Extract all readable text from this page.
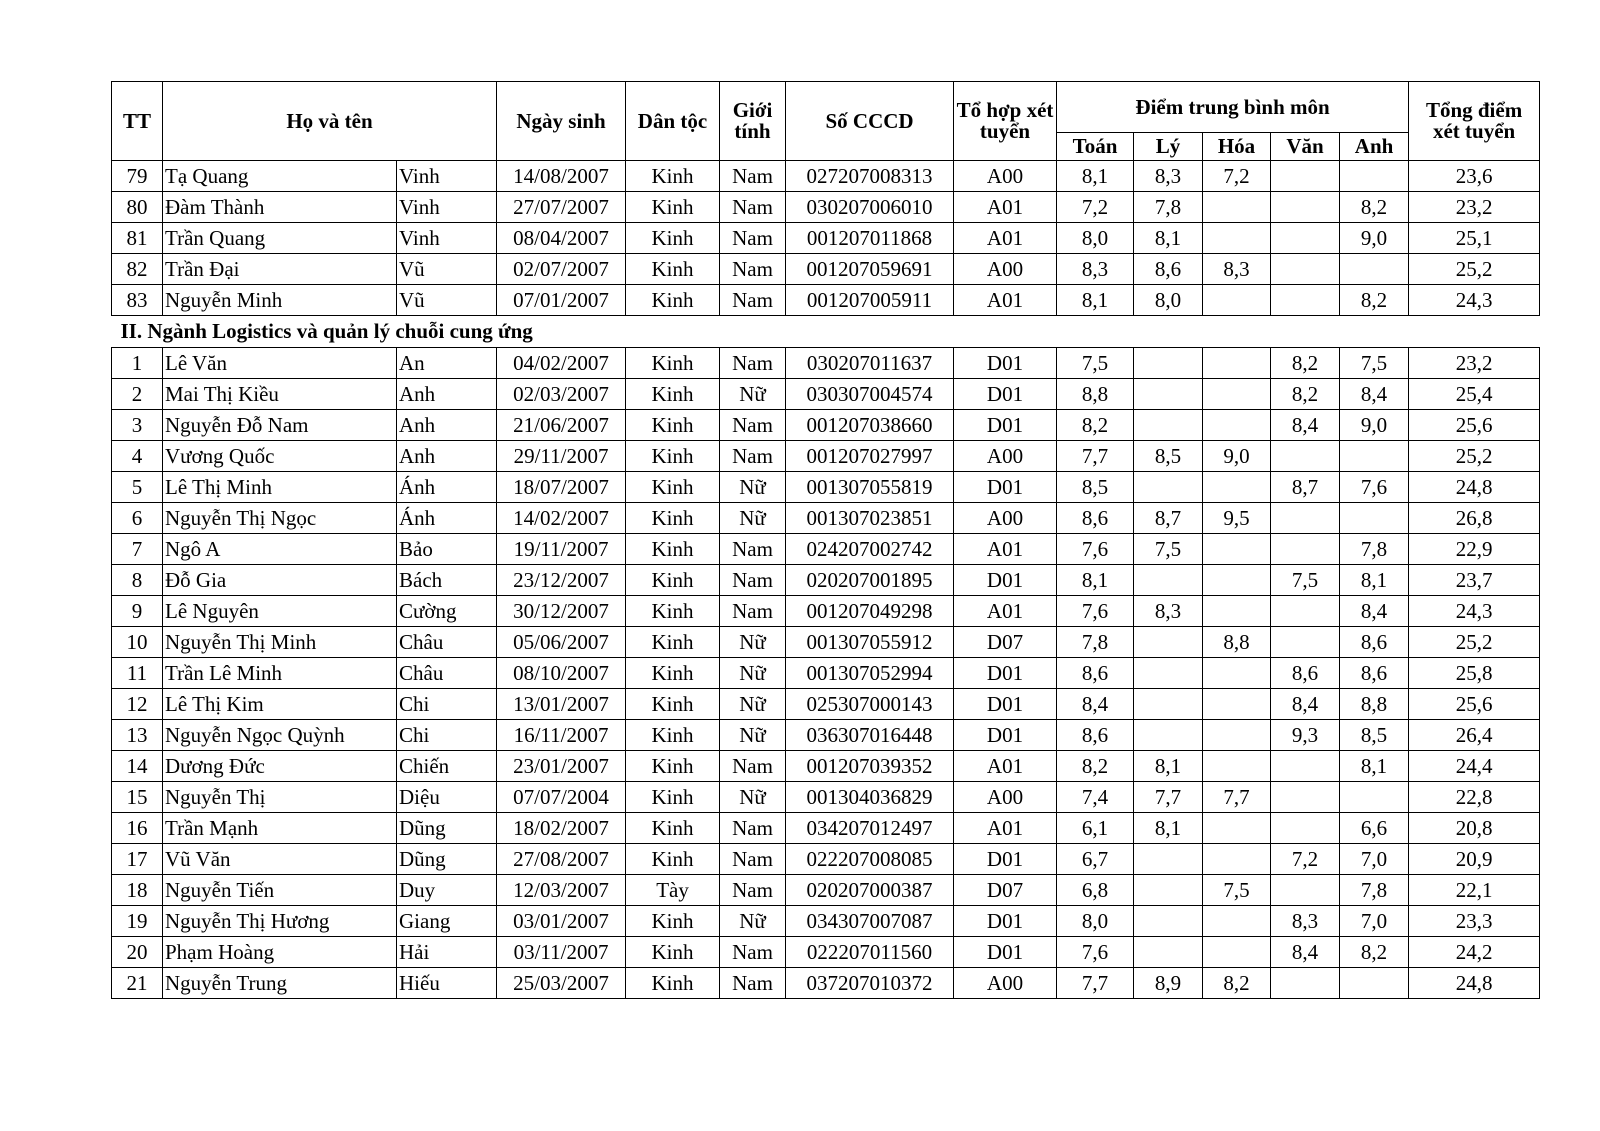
TT	Họ và tên		Ngày sinh	Dân tộc	Giới tính	Số CCCD	Tổ hợp xét tuyển	Điểm trung bình môn					Tổng điểm xét tuyển
								Toán	Lý	Hóa	Văn	Anh	
79	Tạ Quang	Vinh	14/08/2007	Kinh	Nam	027207008313	A00	8,1	8,3	7,2			23,6
80	Đàm Thành	Vinh	27/07/2007	Kinh	Nam	030207006010	A01	7,2	7,8			8,2	23,2
81	Trần Quang	Vinh	08/04/2007	Kinh	Nam	001207011868	A01	8,0	8,1			9,0	25,1
82	Trần Đại	Vũ	02/07/2007	Kinh	Nam	001207059691	A00	8,3	8,6	8,3			25,2
83	Nguyễn Minh	Vũ	07/01/2007	Kinh	Nam	001207005911	A01	8,1	8,0			8,2	24,3
II. Ngành Logistics và quản lý chuỗi cung ứng													
1	Lê Văn	An	04/02/2007	Kinh	Nam	030207011637	D01	7,5			8,2	7,5	23,2
2	Mai Thị Kiều	Anh	02/03/2007	Kinh	Nữ	030307004574	D01	8,8			8,2	8,4	25,4
3	Nguyễn Đỗ Nam	Anh	21/06/2007	Kinh	Nam	001207038660	D01	8,2			8,4	9,0	25,6
4	Vương Quốc	Anh	29/11/2007	Kinh	Nam	001207027997	A00	7,7	8,5	9,0			25,2
5	Lê Thị Minh	Ánh	18/07/2007	Kinh	Nữ	001307055819	D01	8,5			8,7	7,6	24,8
6	Nguyễn Thị Ngọc	Ánh	14/02/2007	Kinh	Nữ	001307023851	A00	8,6	8,7	9,5			26,8
7	Ngô A	Bảo	19/11/2007	Kinh	Nam	024207002742	A01	7,6	7,5			7,8	22,9
8	Đỗ Gia	Bách	23/12/2007	Kinh	Nam	020207001895	D01	8,1			7,5	8,1	23,7
9	Lê Nguyên	Cường	30/12/2007	Kinh	Nam	001207049298	A01	7,6	8,3			8,4	24,3
10	Nguyễn Thị Minh	Châu	05/06/2007	Kinh	Nữ	001307055912	D07	7,8		8,8		8,6	25,2
11	Trần Lê Minh	Châu	08/10/2007	Kinh	Nữ	001307052994	D01	8,6			8,6	8,6	25,8
12	Lê Thị Kim	Chi	13/01/2007	Kinh	Nữ	025307000143	D01	8,4			8,4	8,8	25,6
13	Nguyễn Ngọc Quỳnh	Chi	16/11/2007	Kinh	Nữ	036307016448	D01	8,6			9,3	8,5	26,4
14	Dương Đức	Chiến	23/01/2007	Kinh	Nam	001207039352	A01	8,2	8,1			8,1	24,4
15	Nguyễn Thị	Diệu	07/07/2004	Kinh	Nữ	001304036829	A00	7,4	7,7	7,7			22,8
16	Trần Mạnh	Dũng	18/02/2007	Kinh	Nam	034207012497	A01	6,1	8,1			6,6	20,8
17	Vũ Văn	Dũng	27/08/2007	Kinh	Nam	022207008085	D01	6,7			7,2	7,0	20,9
18	Nguyễn Tiến	Duy	12/03/2007	Tày	Nam	020207000387	D07	6,8		7,5		7,8	22,1
19	Nguyễn Thị Hương	Giang	03/01/2007	Kinh	Nữ	034307007087	D01	8,0			8,3	7,0	23,3
20	Phạm Hoàng	Hải	03/11/2007	Kinh	Nam	022207011560	D01	7,6			8,4	8,2	24,2
21	Nguyễn Trung	Hiếu	25/03/2007	Kinh	Nam	037207010372	A00	7,7	8,9	8,2			24,8
